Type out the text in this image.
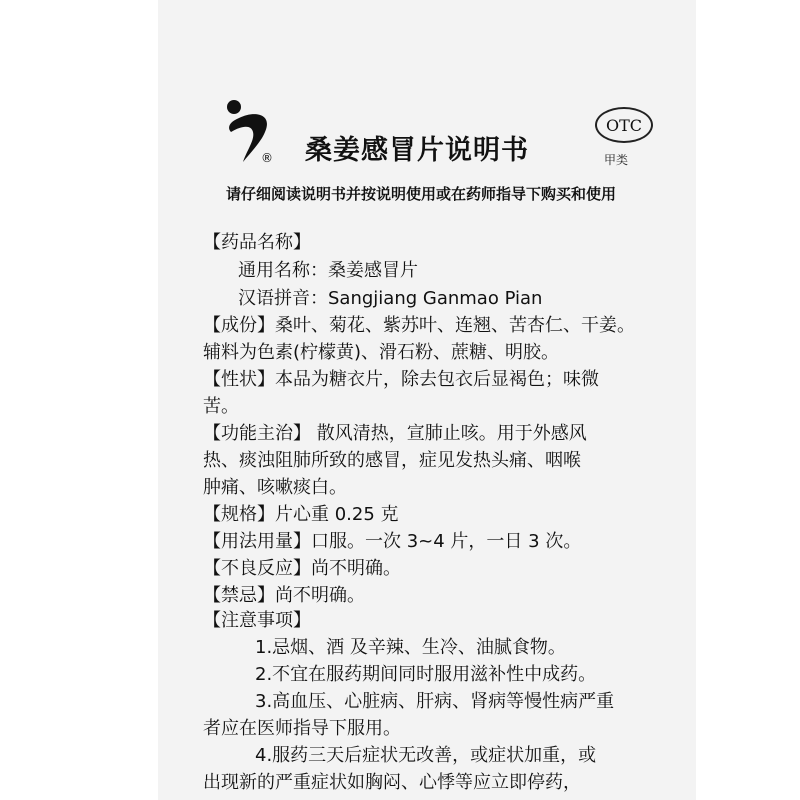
® 桑姜感冒片说明书
OTC
甲类
请仔细阅读说明书并按说明使用或在药师指导下购买和使用
【药品名称】
通用名称：桑姜感冒片
汉语拼音：Sangjiang Ganmao Pian
【成份】桑叶、菊花、紫苏叶、连翘、苦杏仁、干姜。
辅料为色素(柠檬黄)、滑石粉、蔗糖、明胶。
【性状】本品为糖衣片，除去包衣后显褐色；味微
苦。
【功能主治】 散风清热，宣肺止咳。用于外感风
热、痰浊阻肺所致的感冒，症见发热头痛、咽喉
肿痛、咳嗽痰白。
【规格】片心重 0.25 克
【用法用量】口服。一次 3~4 片，一日 3 次。
【不良反应】尚不明确。
【禁忌】尚不明确。
【注意事项】
1.忌烟、酒 及辛辣、生冷、油腻食物。
2.不宜在服药期间同时服用滋补性中成药。
3.高血压、心脏病、肝病、肾病等慢性病严重
者应在医师指导下服用。
4.服药三天后症状无改善，或症状加重，或
出现新的严重症状如胸闷、心悸等应立即停药，
